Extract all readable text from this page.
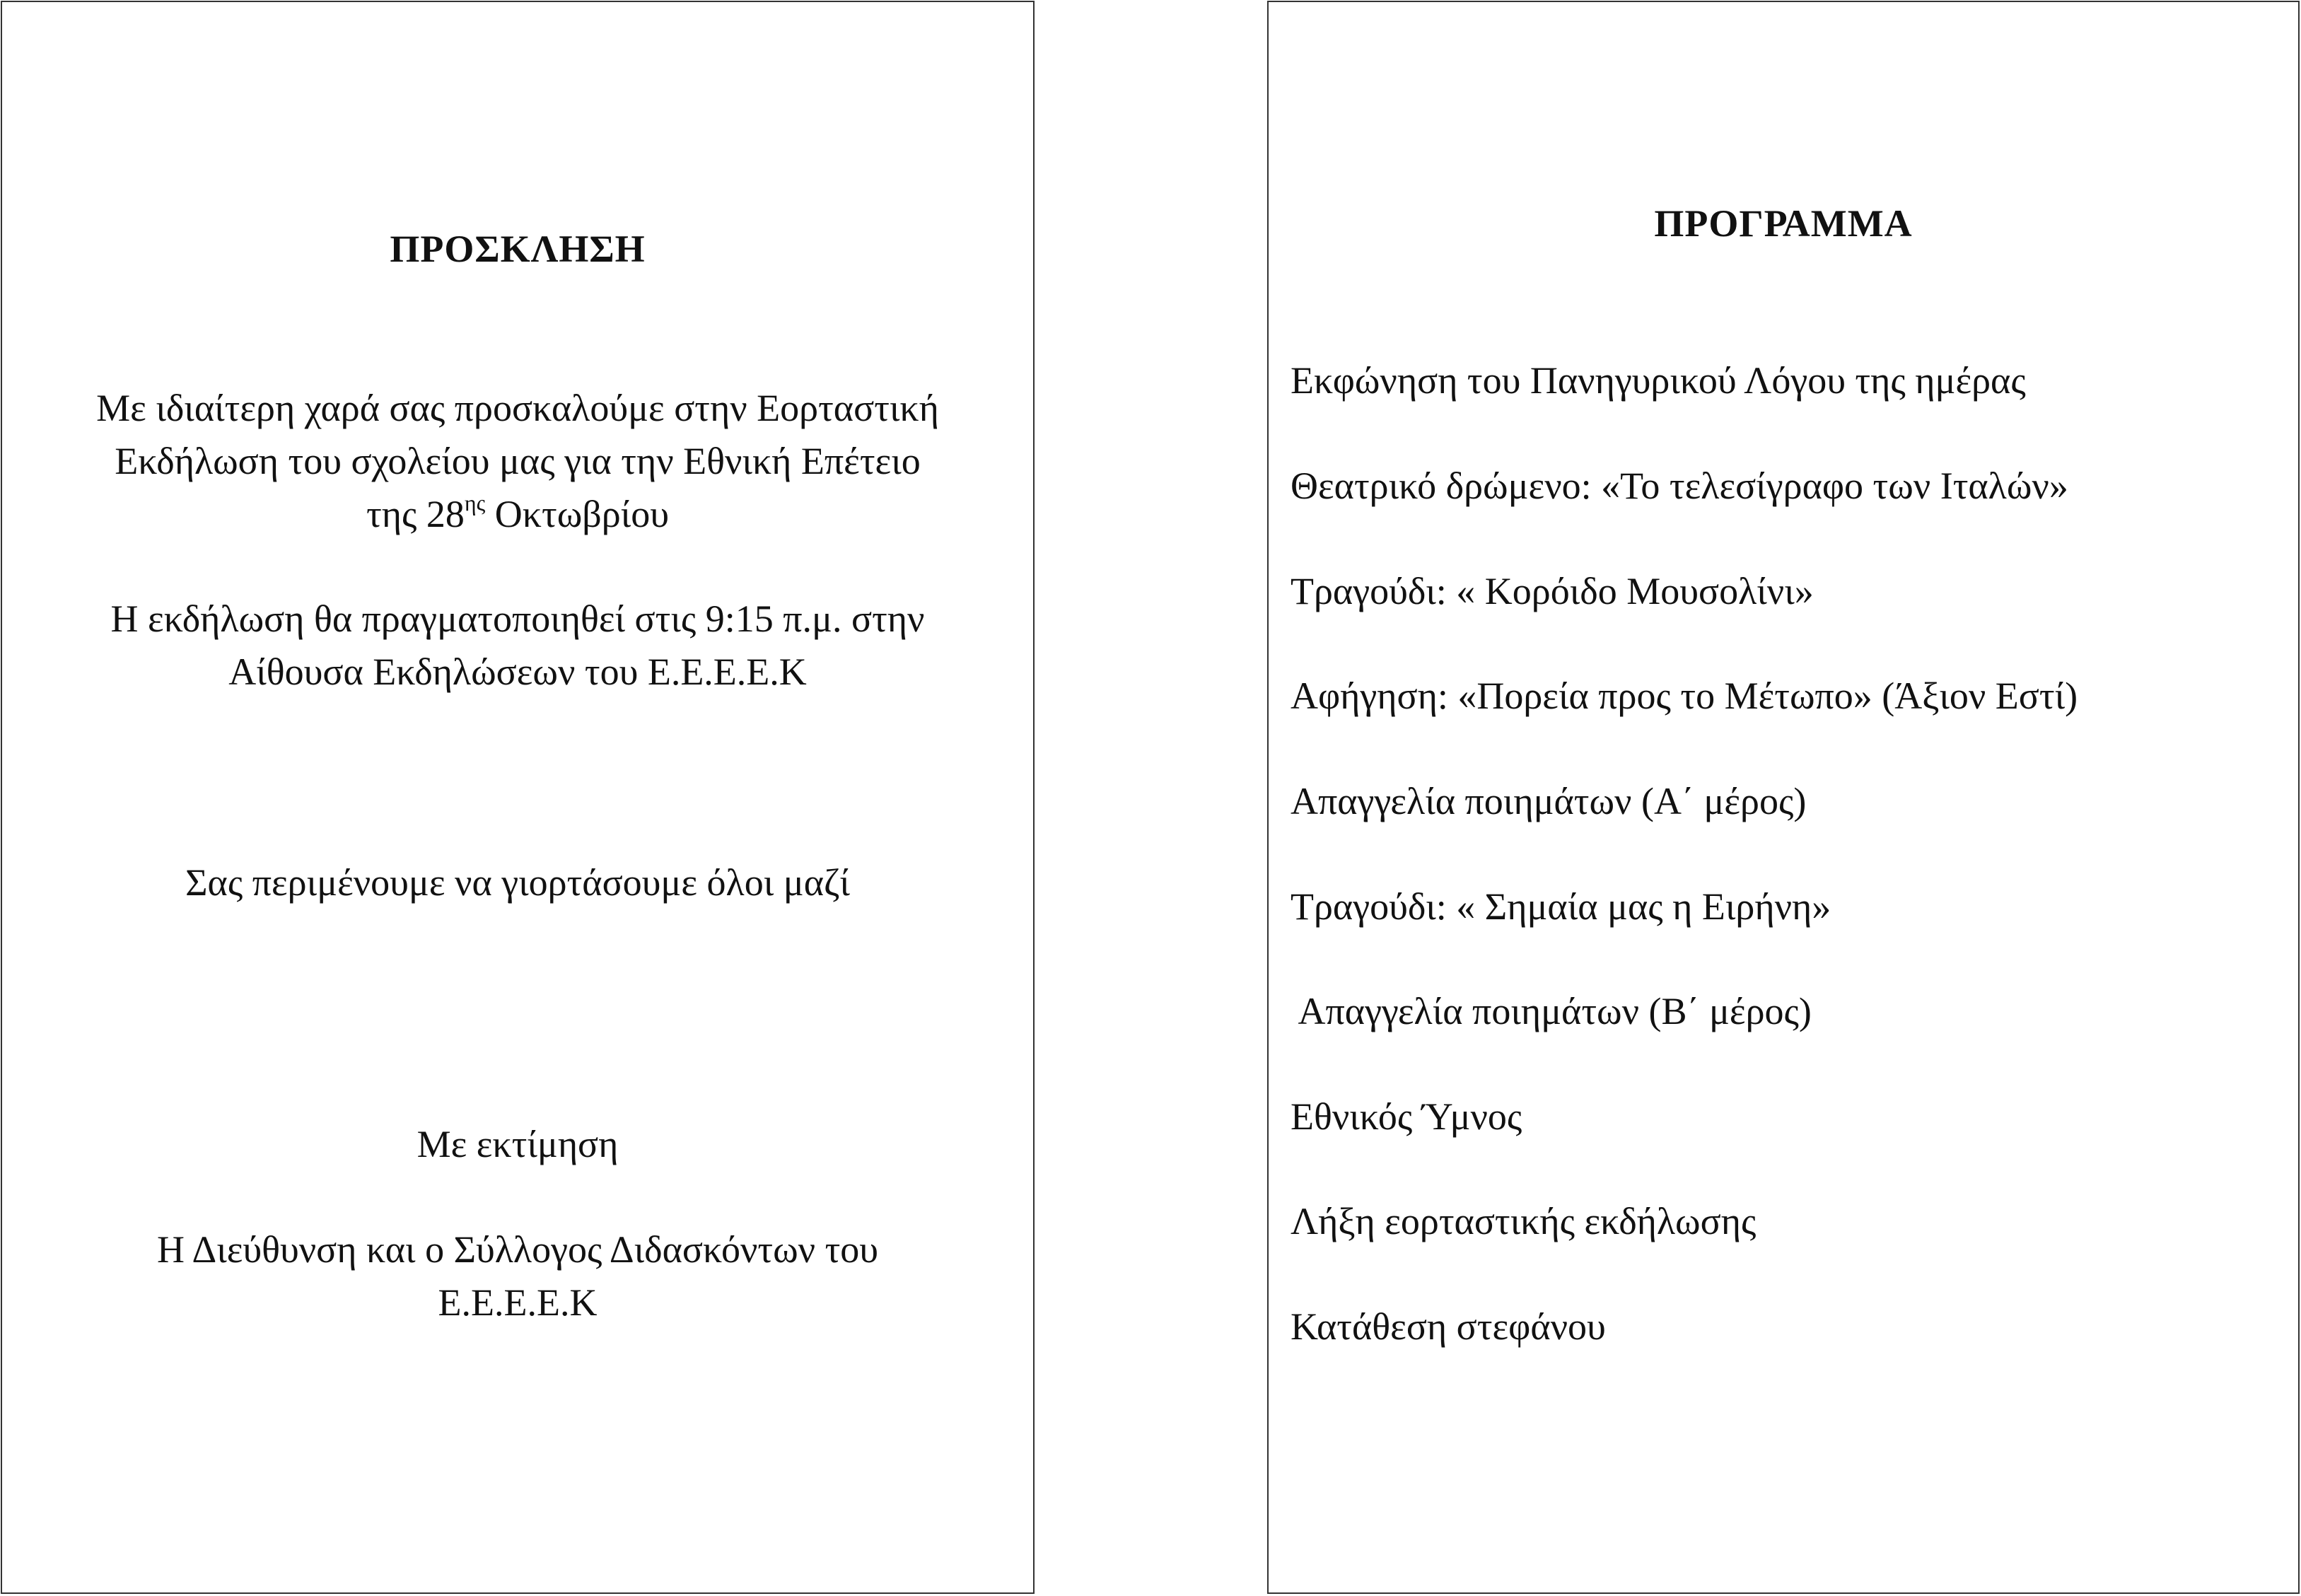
ΠΡΟΣΚΛΗΣΗ
Με ιδιαίτερη χαρά σας προσκαλούμε στην Εορταστική
Εκδήλωση του σχολείου μας για την Εθνική Επέτειο
της $28^{\eta\varsigma}$ Οκτωβρίου
Η εκδήλωση θα πραγματοποιηθεί στις 9:15 π.μ. στην
Αίθουσα Εκδηλώσεων του Ε.Ε.Ε.Ε.Κ
Σας περιμένουμε να γιορτάσουμε όλοι μαζί
Με εκτίμηση
Η Διεύθυνση και ο Σύλλογος Διδασκόντων του
Ε.Ε.Ε.Ε.Κ
ΠΡΟΓΡΑΜΜΑ

Εκφώνηση του Πανηγυρικού Λόγου της ημέρας

Θεατρικό δρώμενο: «Το τελεσίγραφο των Ιταλών»

Τραγούδι: « Κορόιδο Μουσολίνι»

Αφήγηση: «Πορεία προς το Μέτωπο» (Άξιον Εστί)

Απαγγελία ποιημάτων (Α΄ μέρος)

Τραγούδι: « Σημαία μας η Ειρήνη»

Απαγγελία ποιημάτων (Β΄ μέρος)

Εθνικός Ύμνος

Λήξη εορταστικής εκδήλωσης

Κατάθεση στεφάνου
